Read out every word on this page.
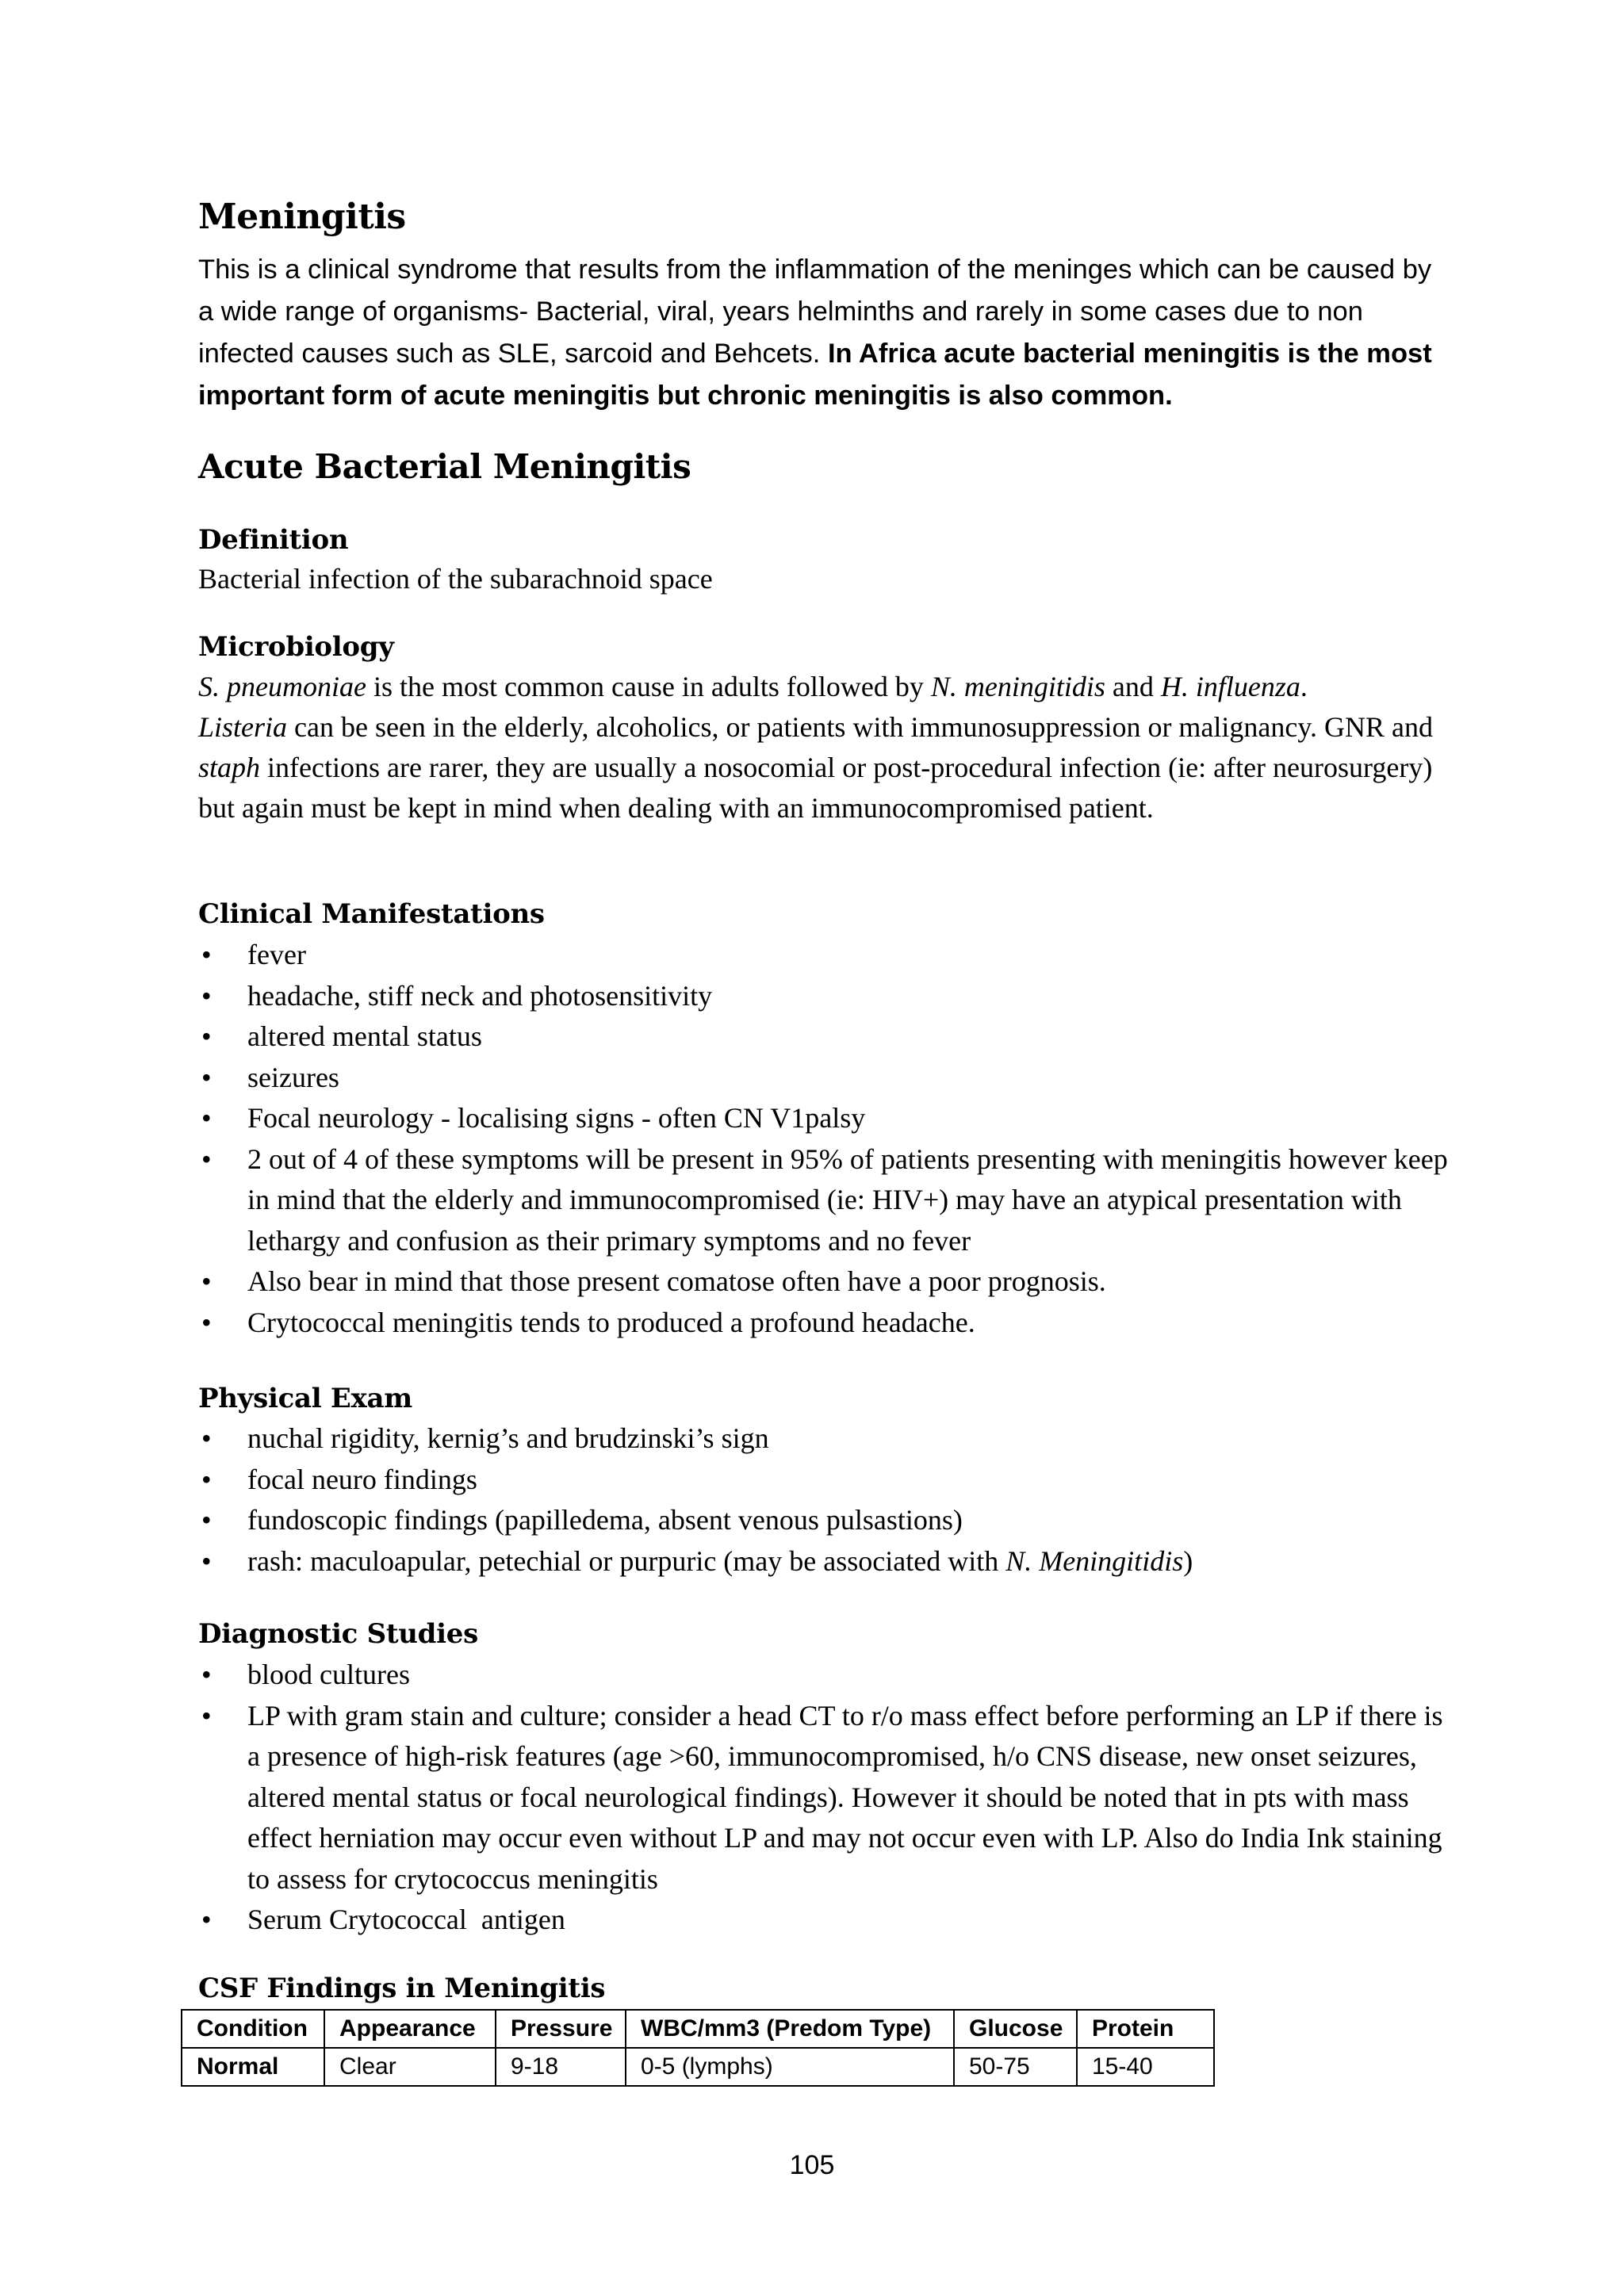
Meningitis

This is a clinical syndrome that results from the inflammation of the meninges which can be caused by a wide range of organisms- Bacterial, viral, years helminths and rarely in some cases due to non infected causes such as SLE, sarcoid and Behcets. In Africa acute bacterial meningitis is the most important form of acute meningitis but chronic meningitis is also common.

Acute Bacterial Meningitis
Definition
Bacterial infection of the subarachnoid space
Microbiology

S. pneumoniae is the most common cause in adults followed by N. meningitidis and H. influenza.
Listeria can be seen in the elderly, alcoholics, or patients with immunosuppression or malignancy. GNR and staph infections are rarer, they are usually a nosocomial or post-procedural infection (ie: after neurosurgery) but again must be kept in mind when dealing with an immunocompromised patient.

Clinical Manifestations
• fever
• headache, stiff neck and photosensitivity
• altered mental status
• seizures
• Focal neurology - localising signs - often CN V1palsy
• 2 out of 4 of these symptoms will be present in 95% of patients presenting with meningitis however keep in mind that the elderly and immunocompromised (ie: HIV+) may have an atypical presentation with lethargy and confusion as their primary symptoms and no fever
• Also bear in mind that those present comatose often have a poor prognosis.
• Crytococcal meningitis tends to produced a profound headache.
Physical Exam
• nuchal rigidity, kernig’s and brudzinski’s sign
• focal neuro findings
• fundoscopic findings (papilledema, absent venous pulsastions)
• rash: maculoapular, petechial or purpuric (may be associated with N. Meningitidis)
Diagnostic Studies
• blood cultures
• LP with gram stain and culture; consider a head CT to r/o mass effect before performing an LP if there is a presence of high-risk features (age >60, immunocompromised, h/o CNS disease, new onset seizures, altered mental status or focal neurological findings). However it should be noted that in pts with mass effect herniation may occur even without LP and may not occur even with LP. Also do India Ink staining to assess for crytococcus meningitis
• Serum Crytococcal  antigen
CSF Findings in Meningitis
Condition	Appearance	Pressure	WBC/mm3 (Predom Type)	Glucose	Protein
Normal	Clear	9-18	0-5 (lymphs)	50-75	15-40
105
